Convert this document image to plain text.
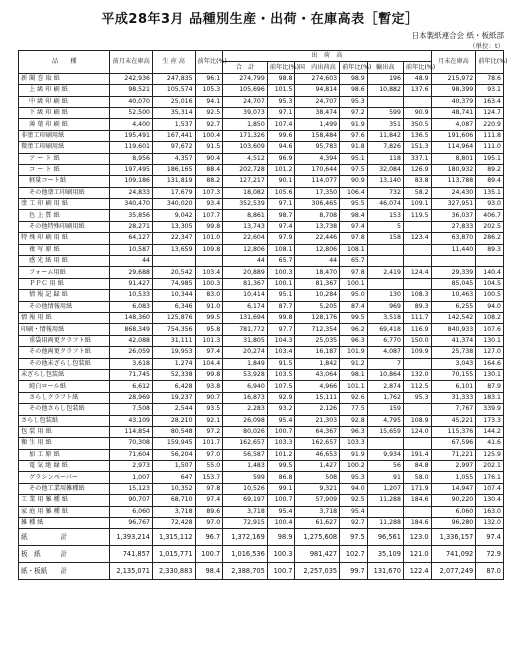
平成28年3月 品種別生産・出荷・在庫高表［暫定］
日本製紙連合会 紙・板紙部
（単位：t）
品　　種	前月末在庫高	生 産 高	前年比(%)	出　荷　高						月末在庫高	前年比(%)
				合　計	前年比(%)	国　内出荷高	前年比(%)	輸出高	前年比(%)		
新 聞 巻 取 紙	242,936	247,835	96.1	274,799	98.8	274,603	98.9	196	48.9	215,972	78.6
上 級 印 刷 紙	98,521	105,574	105.3	105,696	101.5	94,814	98.6	10,882	137.6	98,399	93.1
中 級 印 刷 紙	40,070	25,016	94.1	24,707	95.3	24,707	95.3			40,379	163.4
下 級 印 刷 紙	52,500	35,314	92.5	39,073	97.1	38,474	97.2	599	90.9	48,741	124.7
薄 葉 印 刷 紙	4,400	1,537	92.7	1,850	107.4	1,499	91.9	351	350.5	4,087	220.9
非塗工印刷用紙	195,491	167,441	100.4	171,326	99.6	158,484	97.6	11,842	136.5	191,606	111.8
微塗工印刷用紙	119,601	97,672	91.5	103,609	94.6	95,783	91.8	7,826	151.3	114,964	111.0
ア ー ト 紙	8,956	4,357	90.4	4,512	96.9	4,394	95.1	118	337.1	8,801	195.1
コ ー ト 紙	197,495	186,165	88.4	202,728	101.2	170,644	97.5	32,084	126.9	180,932	89.2
軽量コート紙	109,186	131,819	88.2	127,217	90.1	114,077	90.9	13,140	83.8	113,788	89.4
その他塗工印刷用紙	24,833	17,679	107.3	18,082	105.6	17,350	106.4	732	58.2	24,430	135.1
塗 工 印 刷 用 紙	340,470	340,020	93.4	352,539	97.1	306,465	95.5	46,074	109.1	327,951	93.0
色 上 質 紙	35,856	9,042	107.7	8,861	98.7	8,708	98.4	153	119.5	36,037	406.7
その他特殊印刷用紙	28,271	13,305	99.8	13,743	97.4	13,738	97.4	5		27,833	202.5
特 殊 印 刷 用 紙	64,127	22,347	101.0	22,604	97.9	22,446	97.8	158	123.4	63,870	286.2
複 写 原 紙	10,587	13,659	109.8	12,806	108.1	12,806	108.1			11,440	89.3
感 光 紙 用 紙	44			44	65.7	44	65.7				
フォーム用紙	29,688	20,542	103.4	20,889	100.3	18,470	97.8	2,419	124.4	29,339	140.4
ＰＰＣ 用 紙	91,427	74,985	100.3	81,367	100.1	81,367	100.1			85,045	104.5
情 報 記 録 紙	10,533	10,344	83.0	10,414	95.1	10,284	95.0	130	108.3	10,463	100.5
その他情報用紙	6,083	6,346	91.0	6,174	87.7	5,205	87.4	969	89.3	6,255	94.0
情 報 用 紙	148,360	125,876	99.5	131,694	99.8	128,176	99.5	3,518	111.7	142,542	108.2
印刷・情報用紙	868,349	754,356	95.8	781,772	97.7	712,354	96.2	69,418	116.9	840,933	107.6
重袋用両更クラフト紙	42,088	31,111	101.3	31,805	104.3	25,035	96.3	6,770	150.0	41,374	130.1
その他両更クラフト紙	26,059	19,953	97.4	20,274	103.4	16,187	101.9	4,087	109.9	25,738	127.0
その他未ざらし包装紙	3,618	1,274	104.4	1,849	91.5	1,842	91.2	7		3,043	164.6
未ざらし包装紙	71,745	52,338	99.8	53,928	103.5	43,064	98.1	10,864	132.0	70,155	130.1
純白ロール紙	6,612	6,428	93.8	6,940	107.5	4,966	101.1	2,874	112.5	6,101	87.9
さらしクラフト紙	28,969	19,237	90.7	16,873	92.9	15,111	92.6	1,762	95.3	31,333	183.1
その他さらし包装紙	7,508	2,544	93.5	2,283	93.2	2,126	77.5	159		7,767	339.9
さらし包装紙	43,109	28,210	92.1	26,098	95.4	21,303	92.8	4,795	108.9	45,221	173.3
包 装 用 紙	114,854	80,548	97.2	80,026	100.7	64,367	96.3	15,659	124.0	115,376	144.2
衛 生 用 紙	70,308	159,945	101.7	162,657	103.3	162,657	103.3			67,596	41.6
加 工 原 紙	71,604	56,204	97.0	56,587	101.2	46,653	91.9	9,934	191.4	71,221	125.9
電 気 絶 縁 紙	2,973	1,507	55.0	1,483	99.5	1,427	100.2	56	84.8	2,997	202.1
グラシンペーパー	1,007	647	153.7	599	86.8	508	95.3	91	58.0	1,055	176.1
その他工業用雑種紙	15,123	10,352	97.8	10,526	99.1	9,321	94.0	1,207	171.9	14,947	107.4
工 業 用 雑 種 紙	90,707	68,710	97.4	69,197	100.7	57,909	92.5	11,288	184.6	90,220	130.4
家 庭 用 雑 種 紙	6,060	3,718	89.6	3,718	95.4	3,718	95.4			6,060	163.0
雑 種 紙	96,767	72,428	97.0	72,915	100.4	61,627	92.7	11,288	184.6	96,280	132.0
紙　　　　　計	1,393,214	1,315,112	96.7	1,372,169	98.9	1,275,608	97.5	96,561	123.0	1,336,157	97.4
板　紙　　　計	741,857	1,015,771	100.7	1,016,536	100.3	981,427	102.7	35,109	121.0	741,092	72.9
紙・板紙　　計	2,135,071	2,330,883	98.4	2,388,705	100.7	2,257,035	99.7	131,670	122.4	2,077,249	87.0
